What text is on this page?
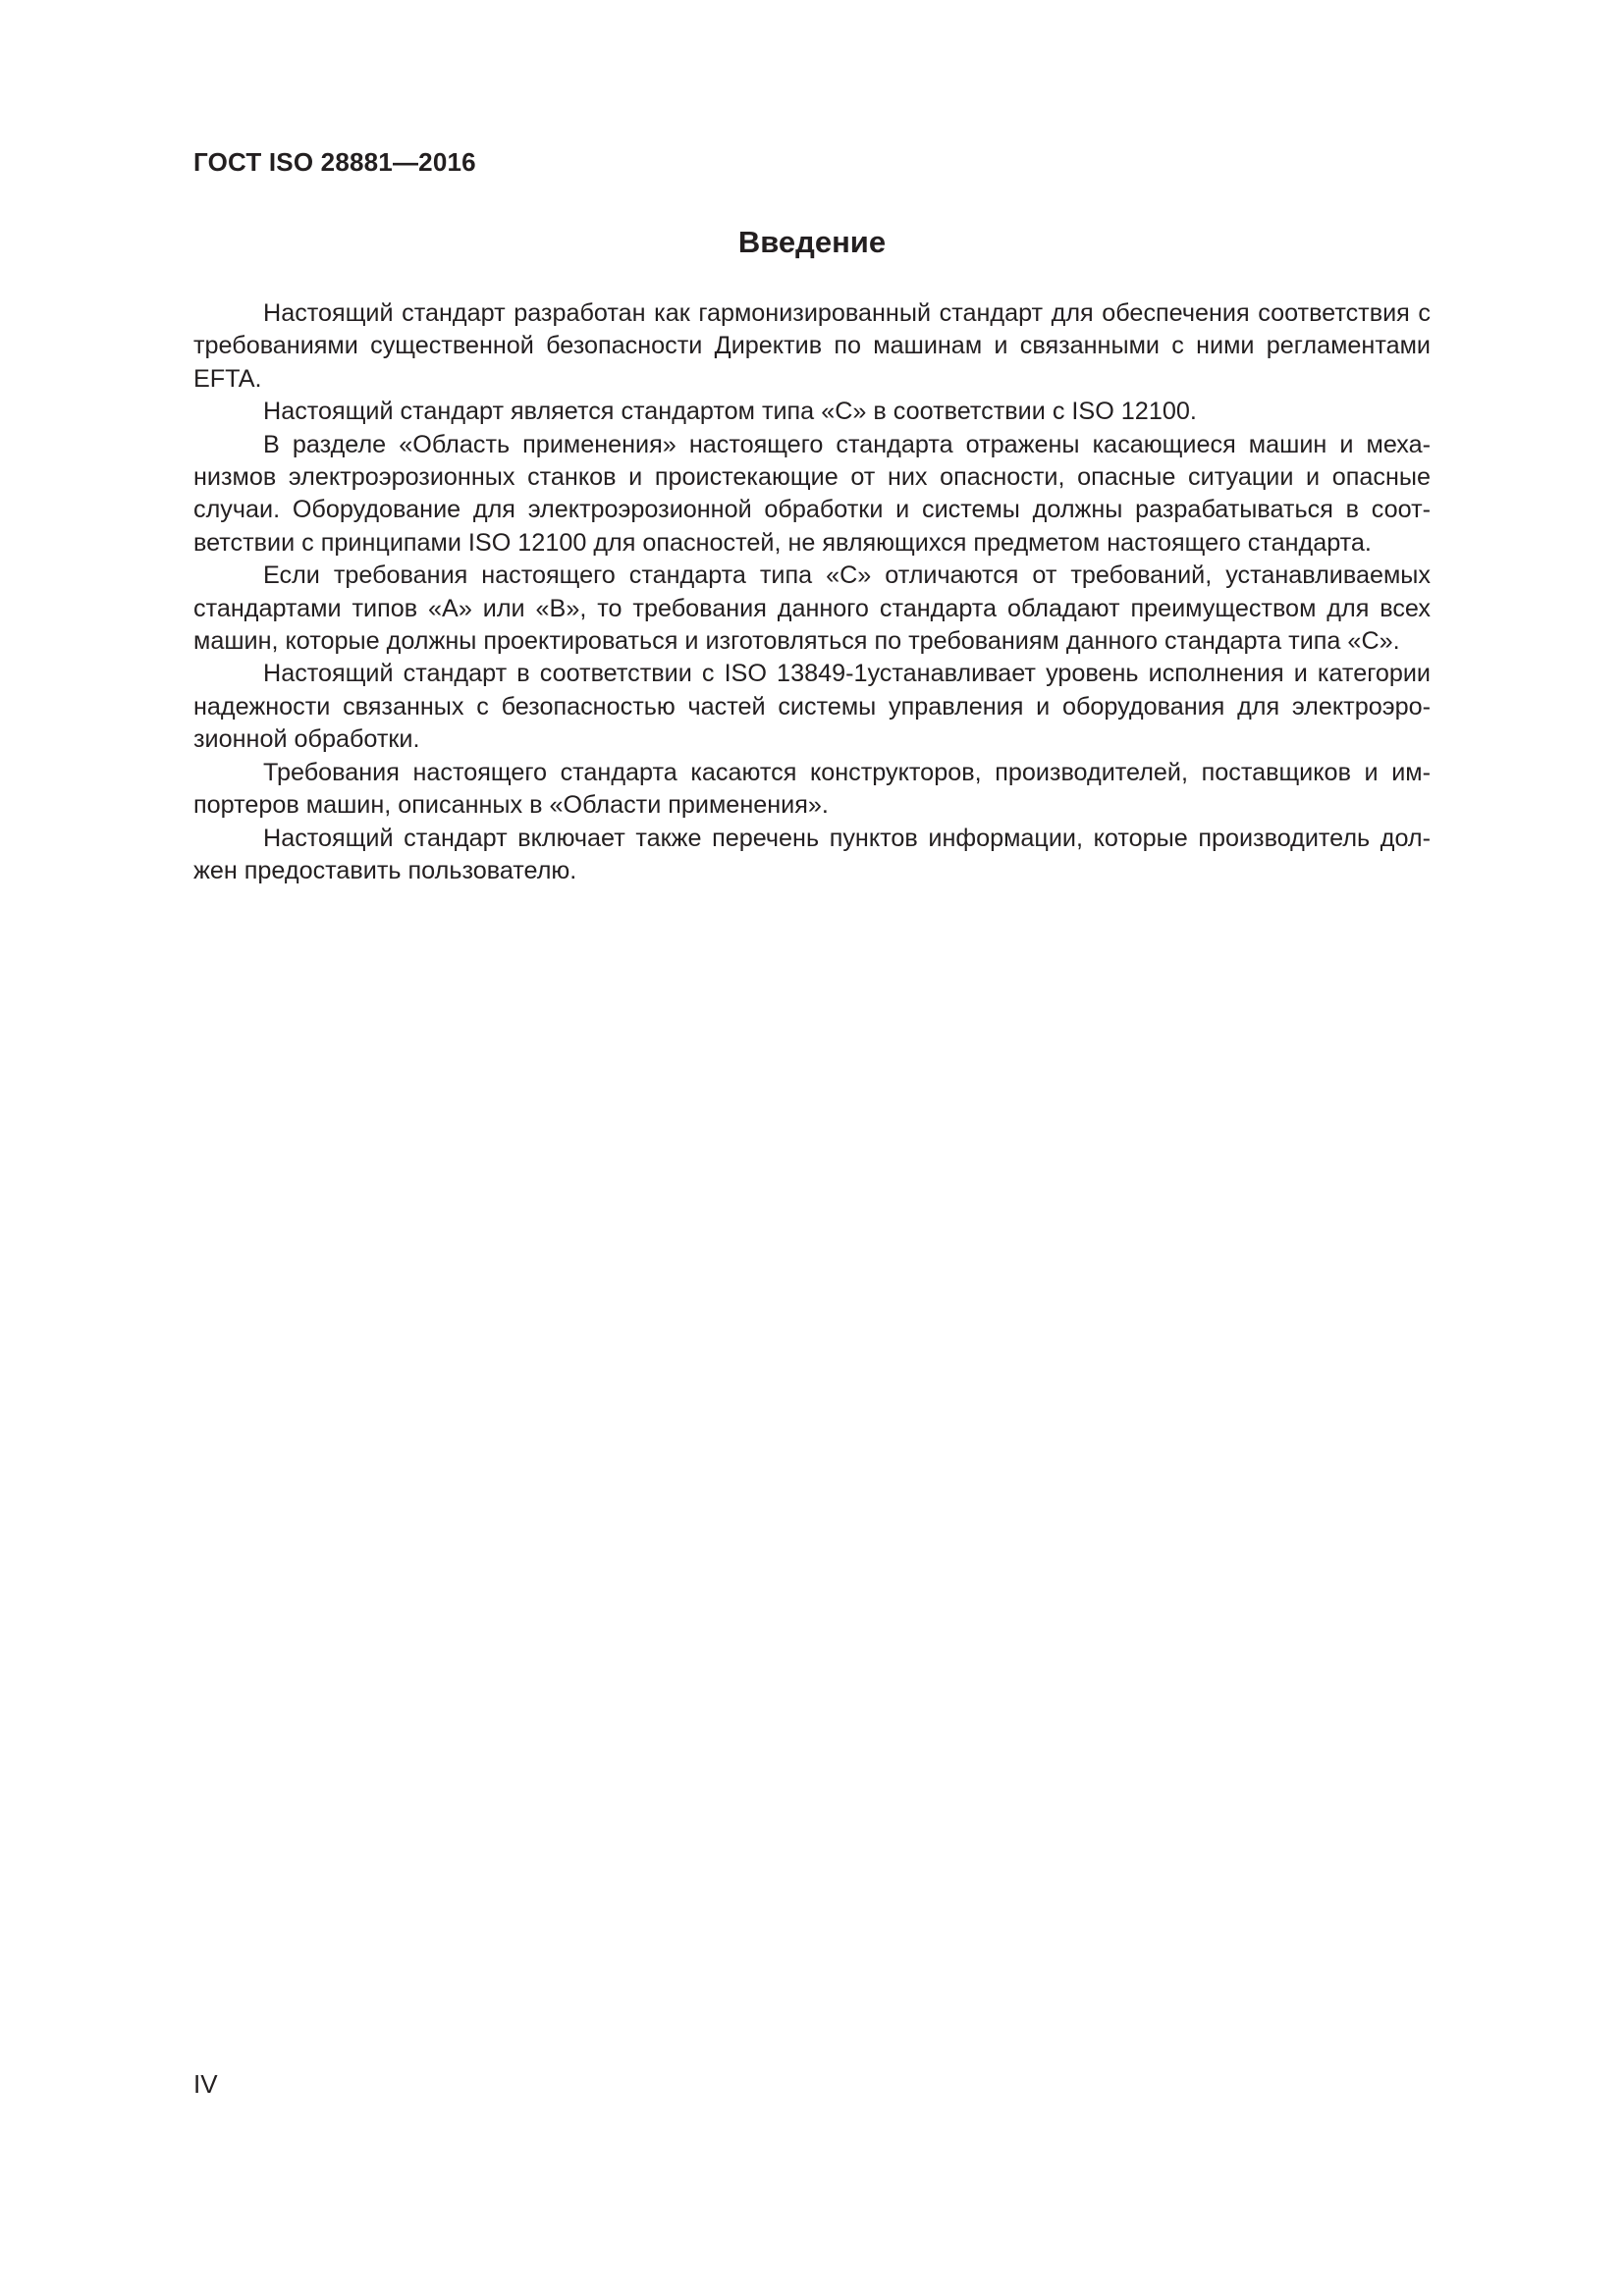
ГОСТ ISO 28881—2016
Введение

Настоящий стандарт разработан как гармонизированный стандарт для обеспечения соответствия с требованиями существенной безопасности Директив по машинам и связанными с ними регламентами EFTA.

Настоящий стандарт является стандартом типа «С» в соответствии с ISO 12100.

В разделе «Область применения» настоящего стандарта отражены касающиеся машин и механизмов электроэрозионных станков и проистекающие от них опасности, опасные ситуации и опасные случаи. Оборудование для электроэрозионной обработки и системы должны разрабатываться в соответствии с принципами ISO 12100 для опасностей, не являющихся предметом настоящего стандарта.

Если требования настоящего стандарта типа «С» отличаются от требований, устанавливаемых стандартами типов «А» или «В», то требования данного стандарта обладают преимуществом для всех машин, которые должны проектироваться и изготовляться по требованиям данного стандарта типа «С».

Настоящий стандарт в соответствии с ISO 13849-1устанавливает уровень исполнения и категории надежности связанных с безопасностью частей системы управления и оборудования для электроэрозионной обработки.

Требования настоящего стандарта касаются конструкторов, производителей, поставщиков и импортеров машин, описанных в «Области применения».

Настоящий стандарт включает также перечень пунктов информации, которые производитель должен предоставить пользователю.

IV
